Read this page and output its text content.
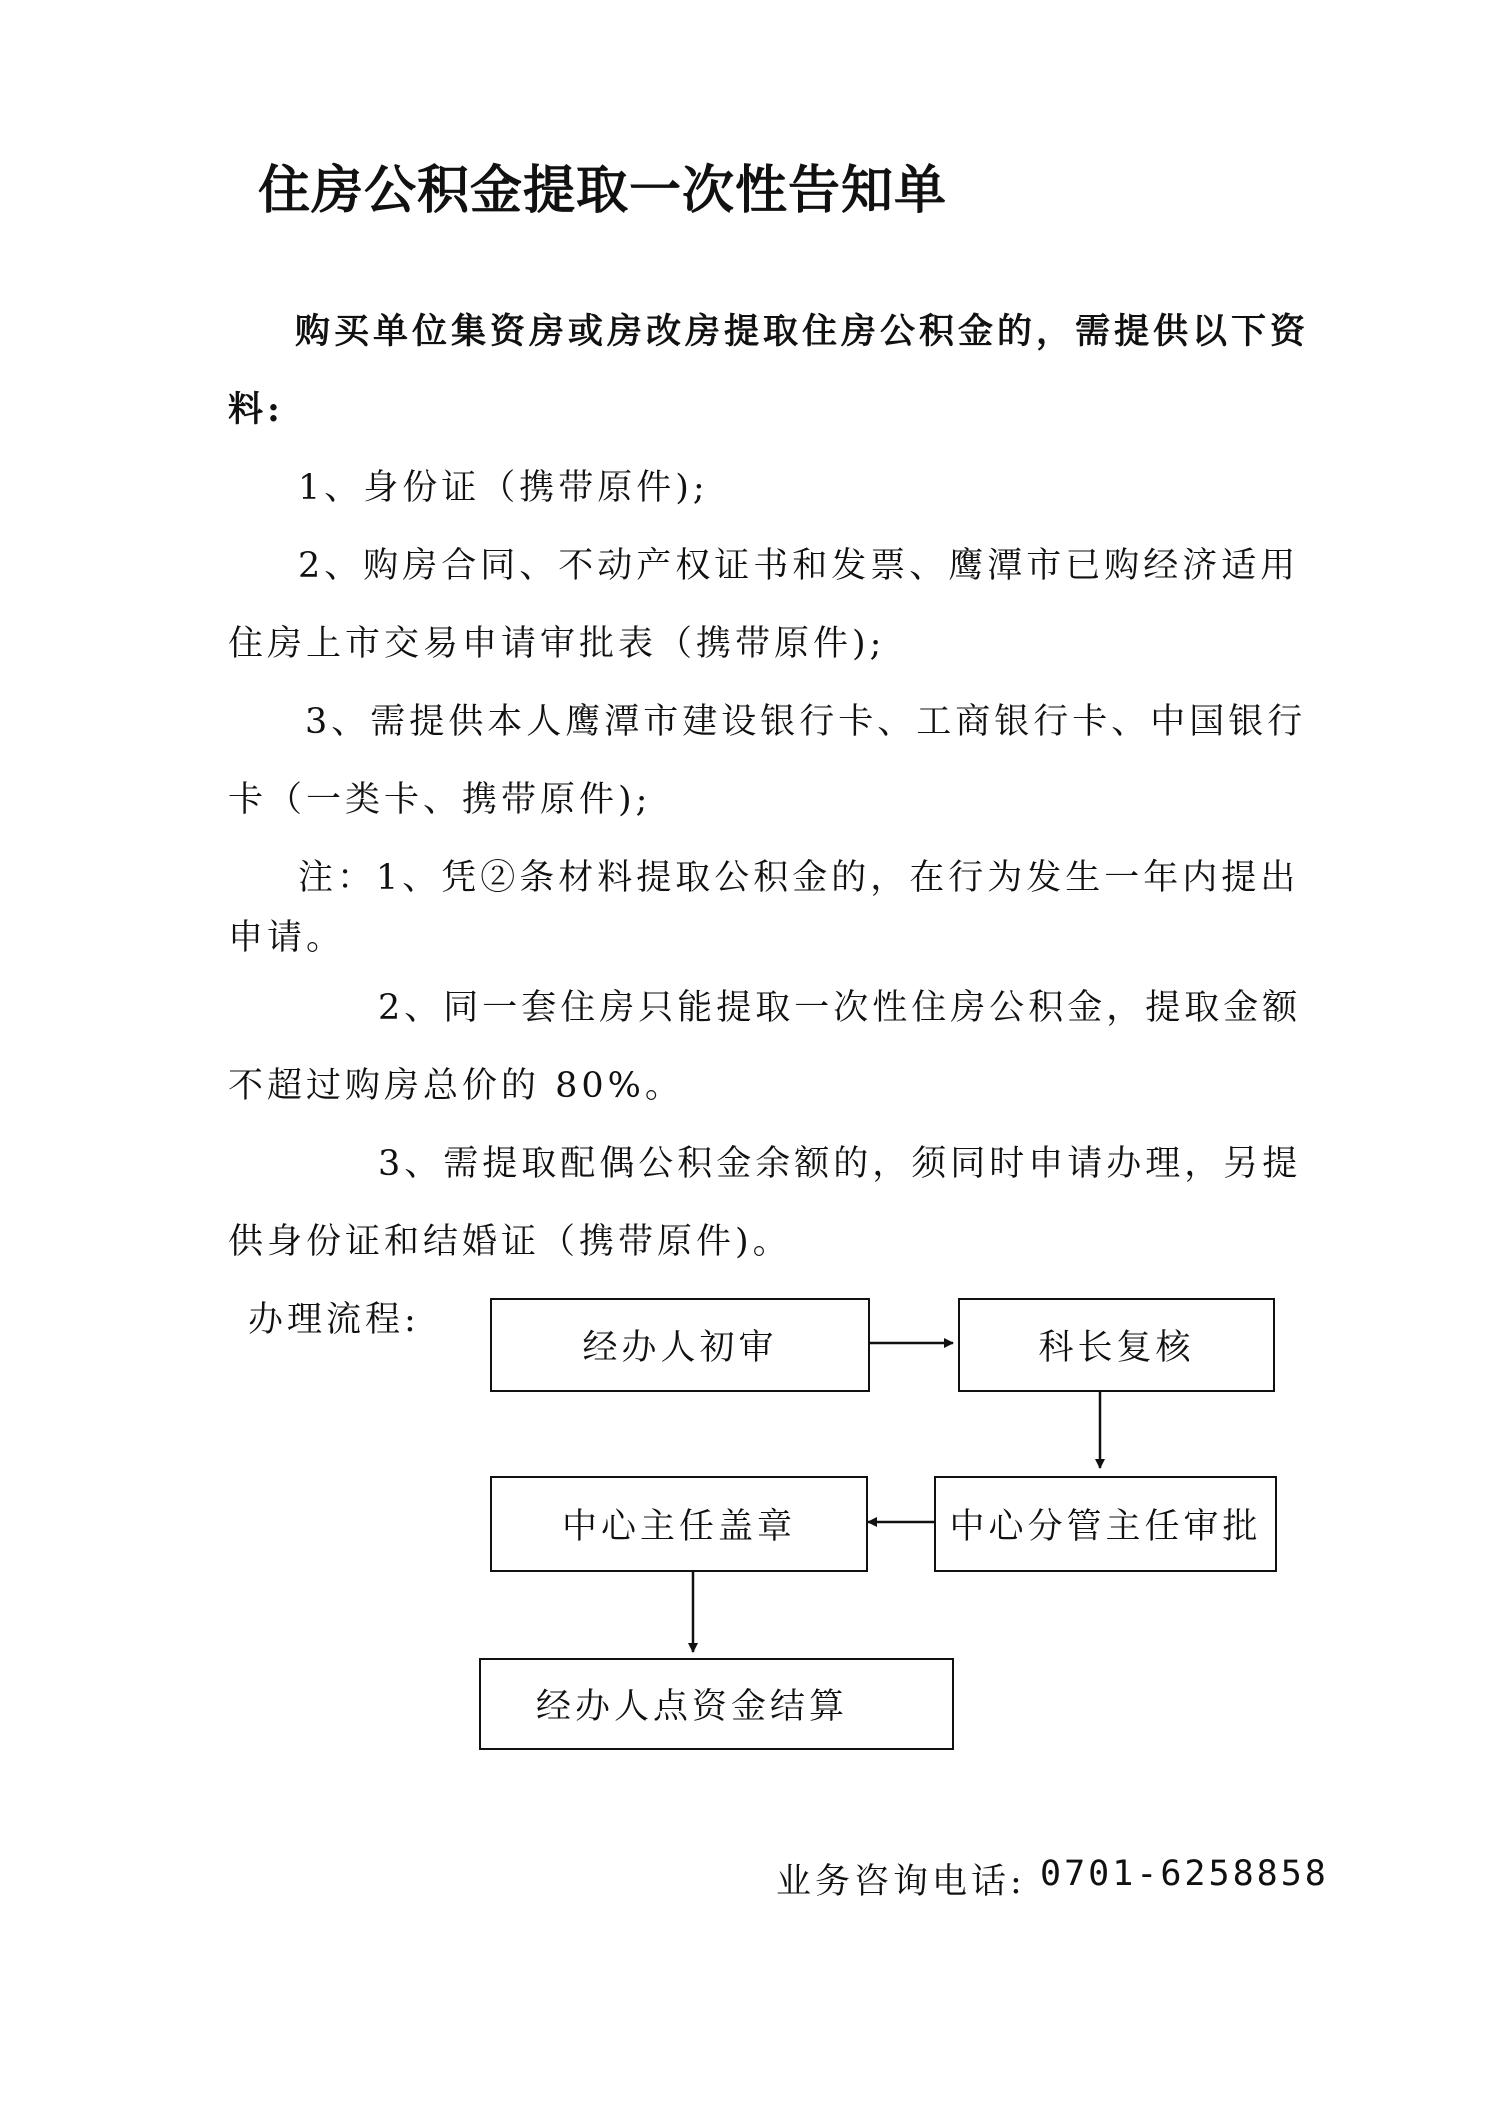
住房公积金提取一次性告知单
购买单位集资房或房改房提取住房公积金的，需提供以下资
料:
1、身份证（携带原件);
2、购房合同、不动产权证书和发票、鹰潭市已购经济适用
住房上市交易申请审批表（携带原件);
3、需提供本人鹰潭市建设银行卡、工商银行卡、中国银行
卡（一类卡、携带原件);
注：1、凭②条材料提取公积金的，在行为发生一年内提出
申请。
2、同一套住房只能提取一次性住房公积金，提取金额
不超过购房总价的 80%。
3、需提取配偶公积金余额的，须同时申请办理，另提
供身份证和结婚证（携带原件)。
办理流程:
经办人初审	科长复核
中心分管主任审批
中心主任盖章
经办人点资金结算
业务咨询电话: 0701-6258858
